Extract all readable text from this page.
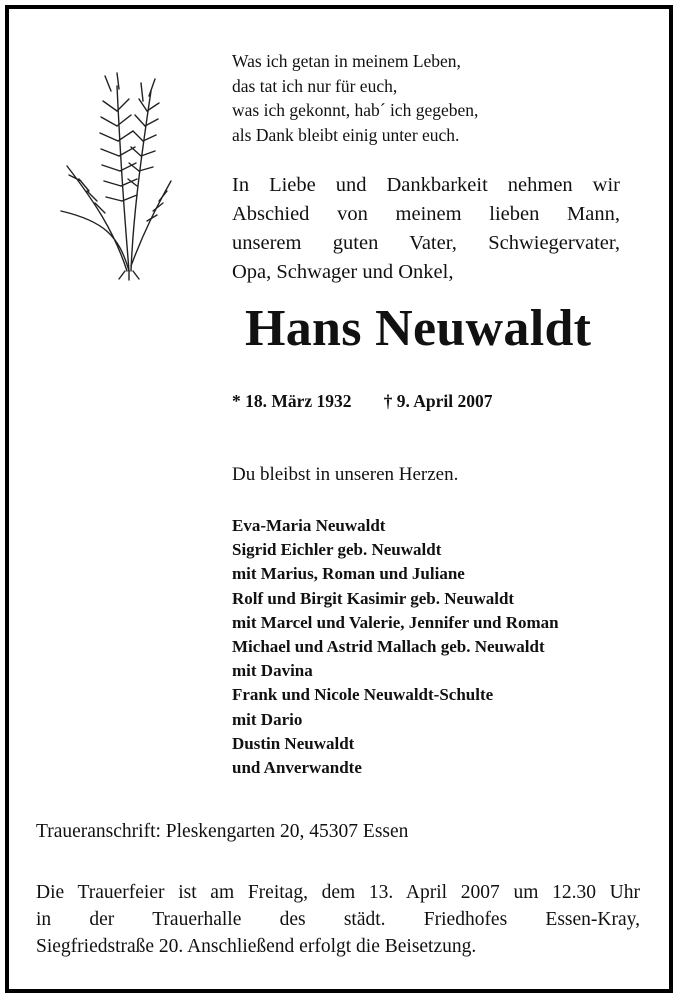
Was ich getan in meinem Leben,
das tat ich nur für euch,
was ich gekonnt, hab´ ich gegeben,
als Dank bleibt einig unter euch.
In Liebe und Dankbarkeit nehmen wir
Abschied von meinem lieben Mann,
unserem guten Vater, Schwiegervater,
Opa, Schwager und Onkel,
Hans Neuwaldt
* 18. März 1932 † 9. April 2007
Du bleibst in unseren Herzen.
Eva-Maria Neuwaldt
Sigrid Eichler geb. Neuwaldt
mit Marius, Roman und Juliane
Rolf und Birgit Kasimir geb. Neuwaldt
mit Marcel und Valerie, Jennifer und Roman
Michael und Astrid Mallach geb. Neuwaldt
mit Davina
Frank und Nicole Neuwaldt-Schulte
mit Dario
Dustin Neuwaldt
und Anverwandte
Traueranschrift: Pleskengarten 20, 45307 Essen
Die Trauerfeier ist am Freitag, dem 13. April 2007 um 12.30 Uhr
in der Trauerhalle des städt. Friedhofes Essen-Kray,
Siegfriedstraße 20. Anschließend erfolgt die Beisetzung.
